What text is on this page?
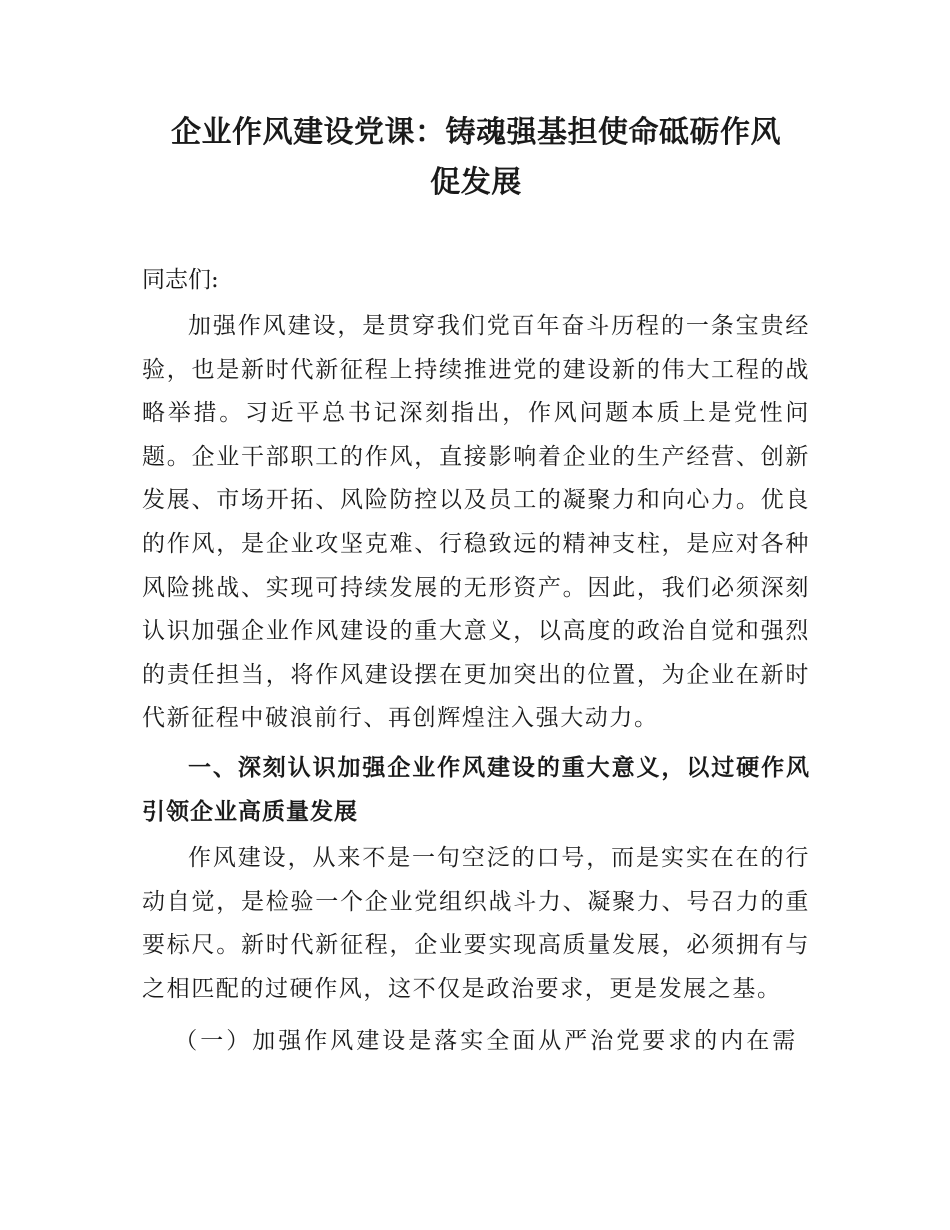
企业作风建设党课：铸魂强基担使命砥砺作风
促发展

同志们:

加强作风建设，是贯穿我们党百年奋斗历程的一条宝贵经验，也是新时代新征程上持续推进党的建设新的伟大工程的战略举措。习近平总书记深刻指出，作风问题本质上是党性问题。企业干部职工的作风，直接影响着企业的生产经营、创新发展、市场开拓、风险防控以及员工的凝聚力和向心力。优良的作风，是企业攻坚克难、行稳致远的精神支柱，是应对各种风险挑战、实现可持续发展的无形资产。因此，我们必须深刻认识加强企业作风建设的重大意义，以高度的政治自觉和强烈的责任担当，将作风建设摆在更加突出的位置，为企业在新时代新征程中破浪前行、再创辉煌注入强大动力。

一、深刻认识加强企业作风建设的重大意义，以过硬作风引领企业高质量发展

作风建设，从来不是一句空泛的口号，而是实实在在的行动自觉，是检验一个企业党组织战斗力、凝聚力、号召力的重要标尺。新时代新征程，企业要实现高质量发展，必须拥有与之相匹配的过硬作风，这不仅是政治要求，更是发展之基。

（一）加强作风建设是落实全面从严治党要求的内在需
